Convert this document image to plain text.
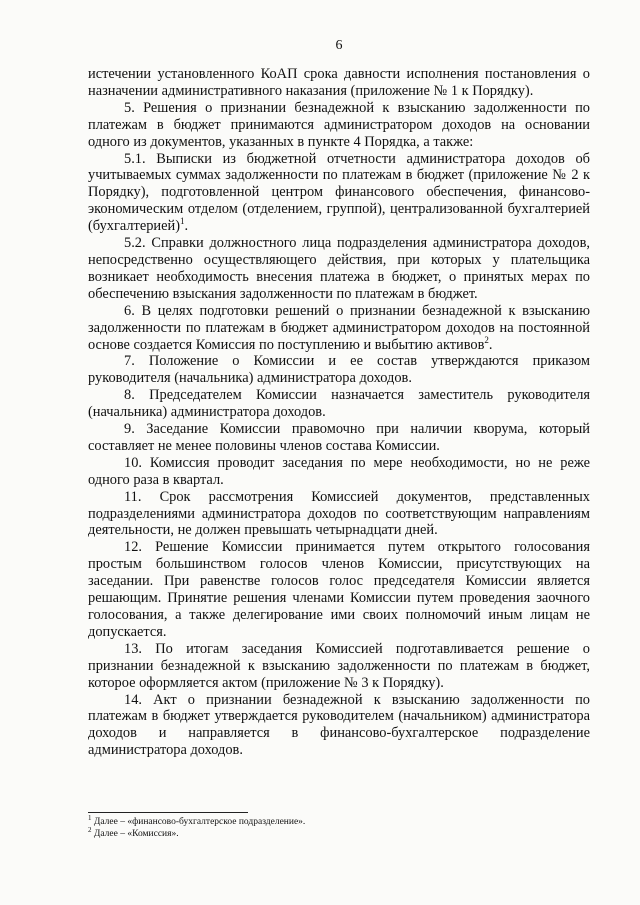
6

истечении установленного КоАП срока давности исполнения постановления о назначении административного наказания (приложение № 1 к Порядку).

5. Решения о признании безнадежной к взысканию задолженности по платежам в бюджет принимаются администратором доходов на основании одного из документов, указанных в пункте 4 Порядка, а также:

5.1. Выписки из бюджетной отчетности администратора доходов об учитываемых суммах задолженности по платежам в бюджет (приложение № 2 к Порядку), подготовленной центром финансового обеспечения, финансово-экономическим отделом (отделением, группой), централизованной бухгалтерией (бухгалтерией)$^1$.

5.2. Справки должностного лица подразделения администратора доходов, непосредственно осуществляющего действия, при которых у плательщика возникает необходимость внесения платежа в бюджет, о принятых мерах по обеспечению взыскания задолженности по платежам в бюджет.

6. В целях подготовки решений о признании безнадежной к взысканию задолженности по платежам в бюджет администратором доходов на постоянной основе создается Комиссия по поступлению и выбытию активов$^2$.

7. Положение о Комиссии и ее состав утверждаются приказом руководителя (начальника) администратора доходов.

8. Председателем Комиссии назначается заместитель руководителя (начальника) администратора доходов.

9. Заседание Комиссии правомочно при наличии кворума, который составляет не менее половины членов состава Комиссии.

10. Комиссия проводит заседания по мере необходимости, но не реже одного раза в квартал.

11. Срок рассмотрения Комиссией документов, представленных подразделениями администратора доходов по соответствующим направлениям деятельности, не должен превышать четырнадцати дней.

12. Решение Комиссии принимается путем открытого голосования простым большинством голосов членов Комиссии, присутствующих на заседании. При равенстве голосов голос председателя Комиссии является решающим. Принятие решения членами Комиссии путем проведения заочного голосования, а также делегирование ими своих полномочий иным лицам не допускается.

13. По итогам заседания Комиссией подготавливается решение о признании безнадежной к взысканию задолженности по платежам в бюджет, которое оформляется актом (приложение № 3 к Порядку).

14. Акт о признании безнадежной к взысканию задолженности по платежам в бюджет утверждается руководителем (начальником) администратора доходов и направляется в финансово-бухгалтерское подразделение администратора доходов.

$^1$ Далее – «финансово-бухгалтерское подразделение».

$^2$ Далее – «Комиссия».
